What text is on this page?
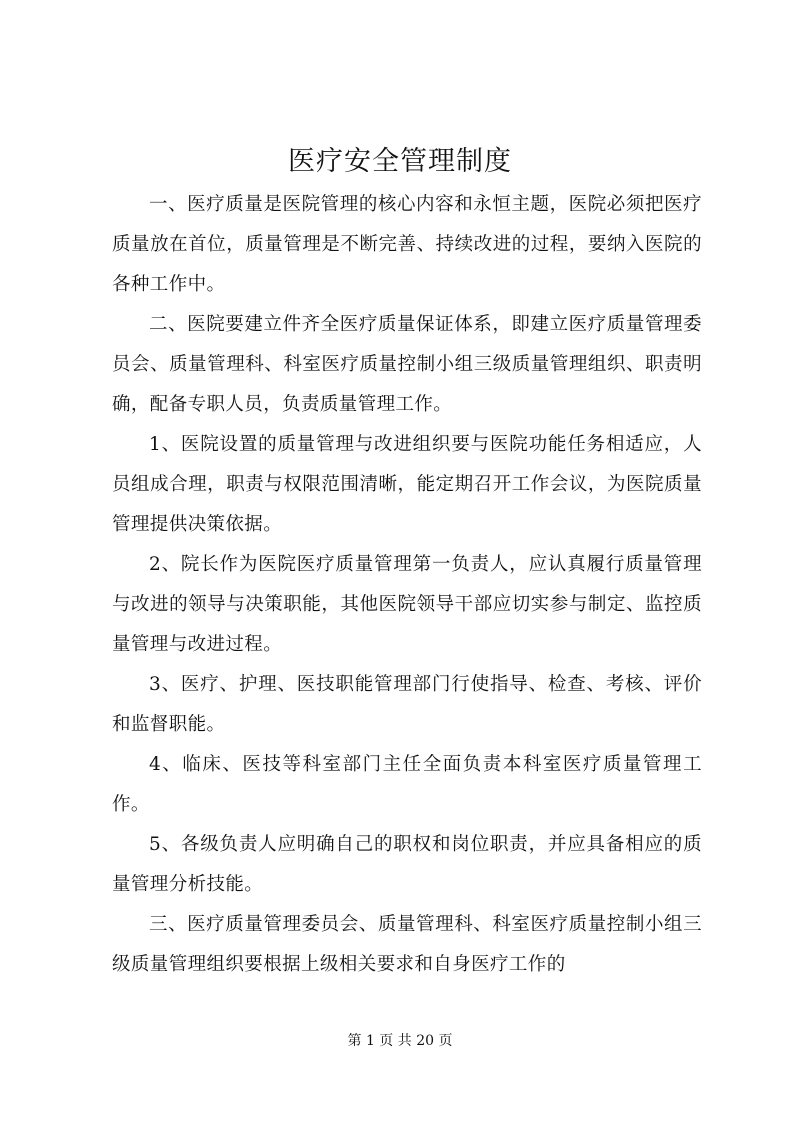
医疗安全管理制度

一、医疗质量是医院管理的核心内容和永恒主题，医院必须把医疗质量放在首位，质量管理是不断完善、持续改进的过程，要纳入医院的各种工作中。

二、医院要建立件齐全医疗质量保证体系，即建立医疗质量管理委员会、质量管理科、科室医疗质量控制小组三级质量管理组织、职责明确，配备专职人员，负责质量管理工作。

1、医院设置的质量管理与改进组织要与医院功能任务相适应，人员组成合理，职责与权限范围清晰，能定期召开工作会议，为医院质量管理提供决策依据。

2、院长作为医院医疗质量管理第一负责人，应认真履行质量管理与改进的领导与决策职能，其他医院领导干部应切实参与制定、监控质量管理与改进过程。

3、医疗、护理、医技职能管理部门行使指导、检查、考核、评价和监督职能。

4、临床、医技等科室部门主任全面负责本科室医疗质量管理工作。

5、各级负责人应明确自己的职权和岗位职责，并应具备相应的质量管理分析技能。

三、医疗质量管理委员会、质量管理科、科室医疗质量控制小组三级质量管理组织要根据上级相关要求和自身医疗工作的

第 1 页 共 20 页
